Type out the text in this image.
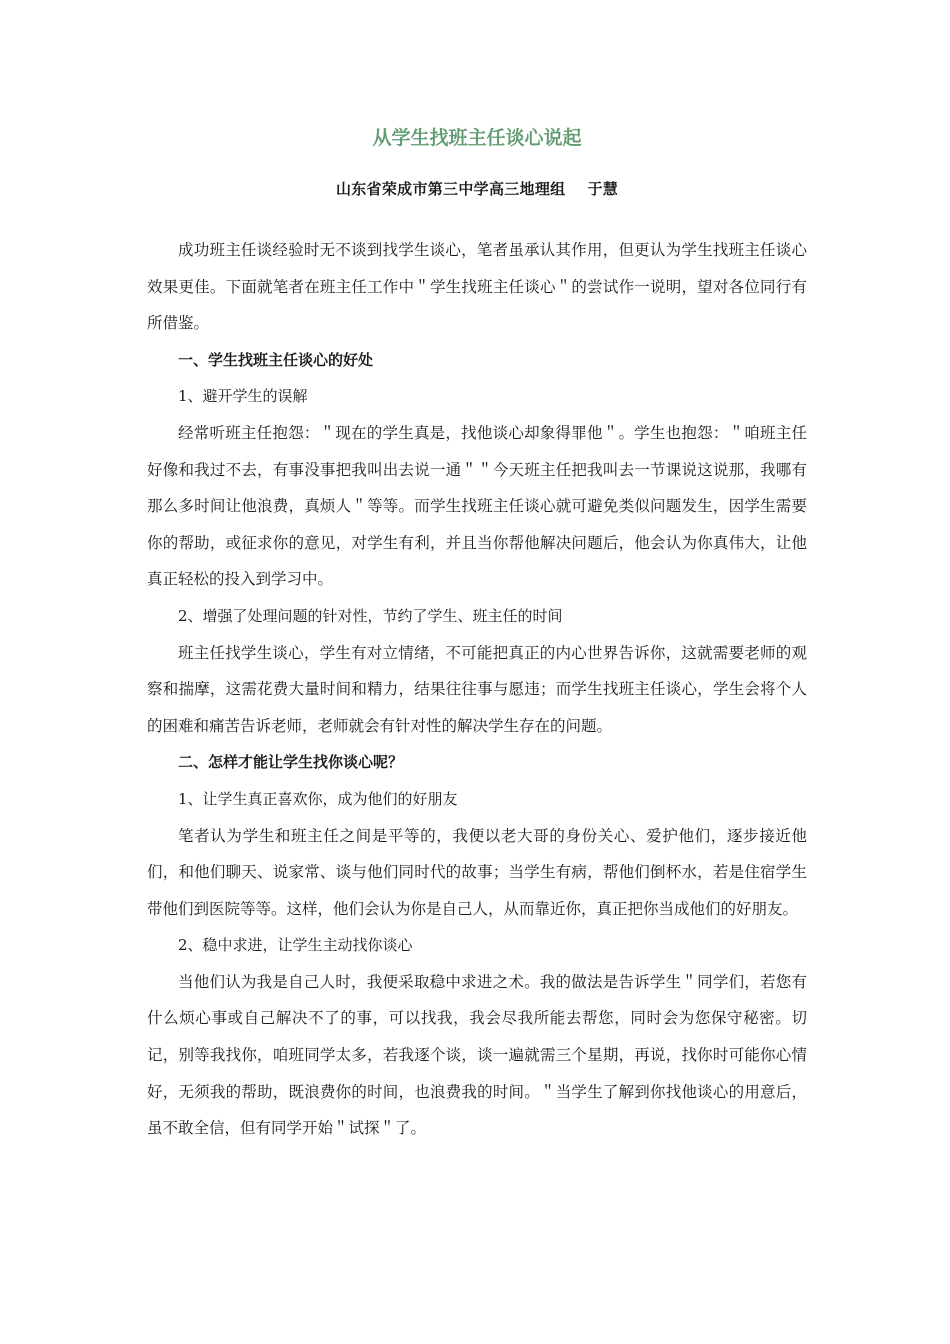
从学生找班主任谈心说起
山东省荣成市第三中学高三地理组 于慧

成功班主任谈经验时无不谈到找学生谈心，笔者虽承认其作用，但更认为学生找班主任谈心效果更佳。下面就笔者在班主任工作中＂学生找班主任谈心＂的尝试作一说明，望对各位同行有所借鉴。

一、学生找班主任谈心的好处

1、避开学生的误解

经常听班主任抱怨：＂现在的学生真是，找他谈心却象得罪他＂。学生也抱怨：＂咱班主任好像和我过不去，有事没事把我叫出去说一通＂＂今天班主任把我叫去一节课说这说那，我哪有那么多时间让他浪费，真烦人＂等等。而学生找班主任谈心就可避免类似问题发生，因学生需要你的帮助，或征求你的意见，对学生有利，并且当你帮他解决问题后，他会认为你真伟大，让他真正轻松的投入到学习中。

2、增强了处理问题的针对性，节约了学生、班主任的时间

班主任找学生谈心，学生有对立情绪，不可能把真正的内心世界告诉你，这就需要老师的观察和揣摩，这需花费大量时间和精力，结果往往事与愿违；而学生找班主任谈心，学生会将个人的困难和痛苦告诉老师，老师就会有针对性的解决学生存在的问题。

二、怎样才能让学生找你谈心呢？

1、让学生真正喜欢你，成为他们的好朋友

笔者认为学生和班主任之间是平等的，我便以老大哥的身份关心、爱护他们，逐步接近他们，和他们聊天、说家常、谈与他们同时代的故事；当学生有病，帮他们倒杯水，若是住宿学生带他们到医院等等。这样，他们会认为你是自己人，从而靠近你，真正把你当成他们的好朋友。

2、稳中求进，让学生主动找你谈心

当他们认为我是自己人时，我便采取稳中求进之术。我的做法是告诉学生＂同学们，若您有什么烦心事或自己解决不了的事，可以找我，我会尽我所能去帮您，同时会为您保守秘密。切记，别等我找你，咱班同学太多，若我逐个谈，谈一遍就需三个星期，再说，找你时可能你心情好，无须我的帮助，既浪费你的时间，也浪费我的时间。＂当学生了解到你找他谈心的用意后，虽不敢全信，但有同学开始＂试探＂了。
